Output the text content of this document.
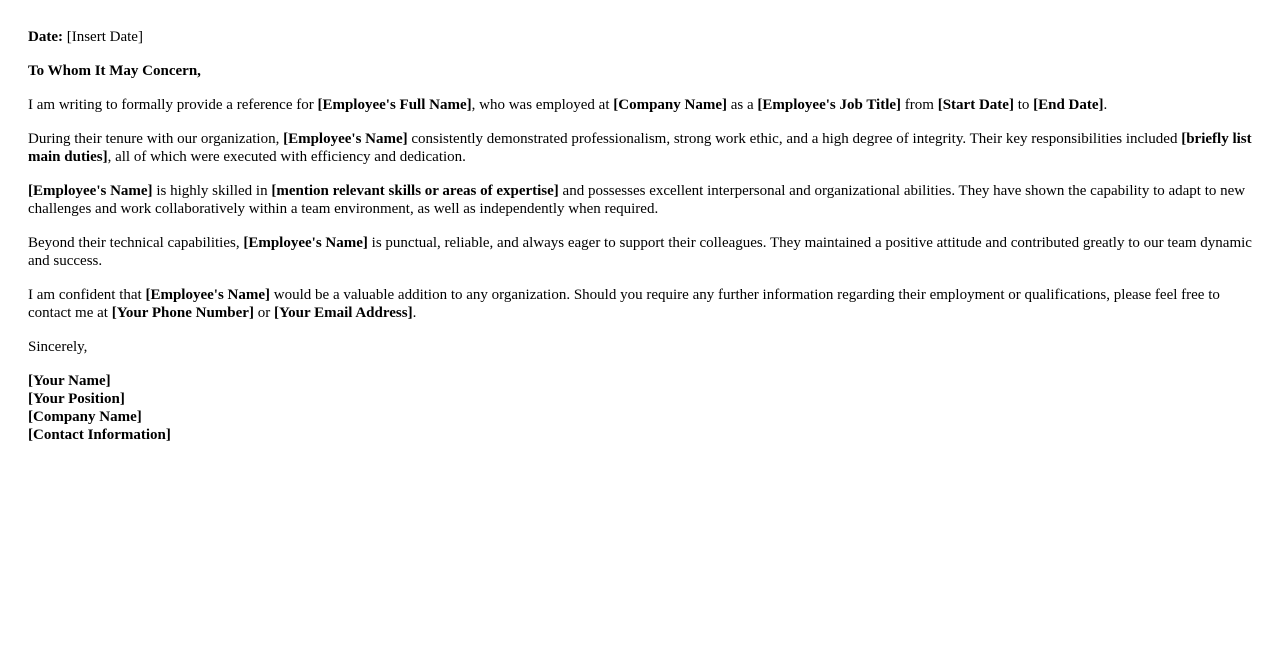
Date: [Insert Date]

To Whom It May Concern,

I am writing to formally provide a reference for [Employee's Full Name], who was employed at [Company Name] as a [Employee's Job Title] from [Start Date] to [End Date].

During their tenure with our organization, [Employee's Name] consistently demonstrated professionalism, strong work ethic, and a high degree of integrity. Their key responsibilities included [briefly list main duties], all of which were executed with efficiency and dedication.

[Employee's Name] is highly skilled in [mention relevant skills or areas of expertise] and possesses excellent interpersonal and organizational abilities. They have shown the capability to adapt to new challenges and work collaboratively within a team environment, as well as independently when required.

Beyond their technical capabilities, [Employee's Name] is punctual, reliable, and always eager to support their colleagues. They maintained a positive attitude and contributed greatly to our team dynamic and success.

I am confident that [Employee's Name] would be a valuable addition to any organization. Should you require any further information regarding their employment or qualifications, please feel free to contact me at [Your Phone Number] or [Your Email Address].

Sincerely,

[Your Name]
[Your Position]
[Company Name]
[Contact Information]
